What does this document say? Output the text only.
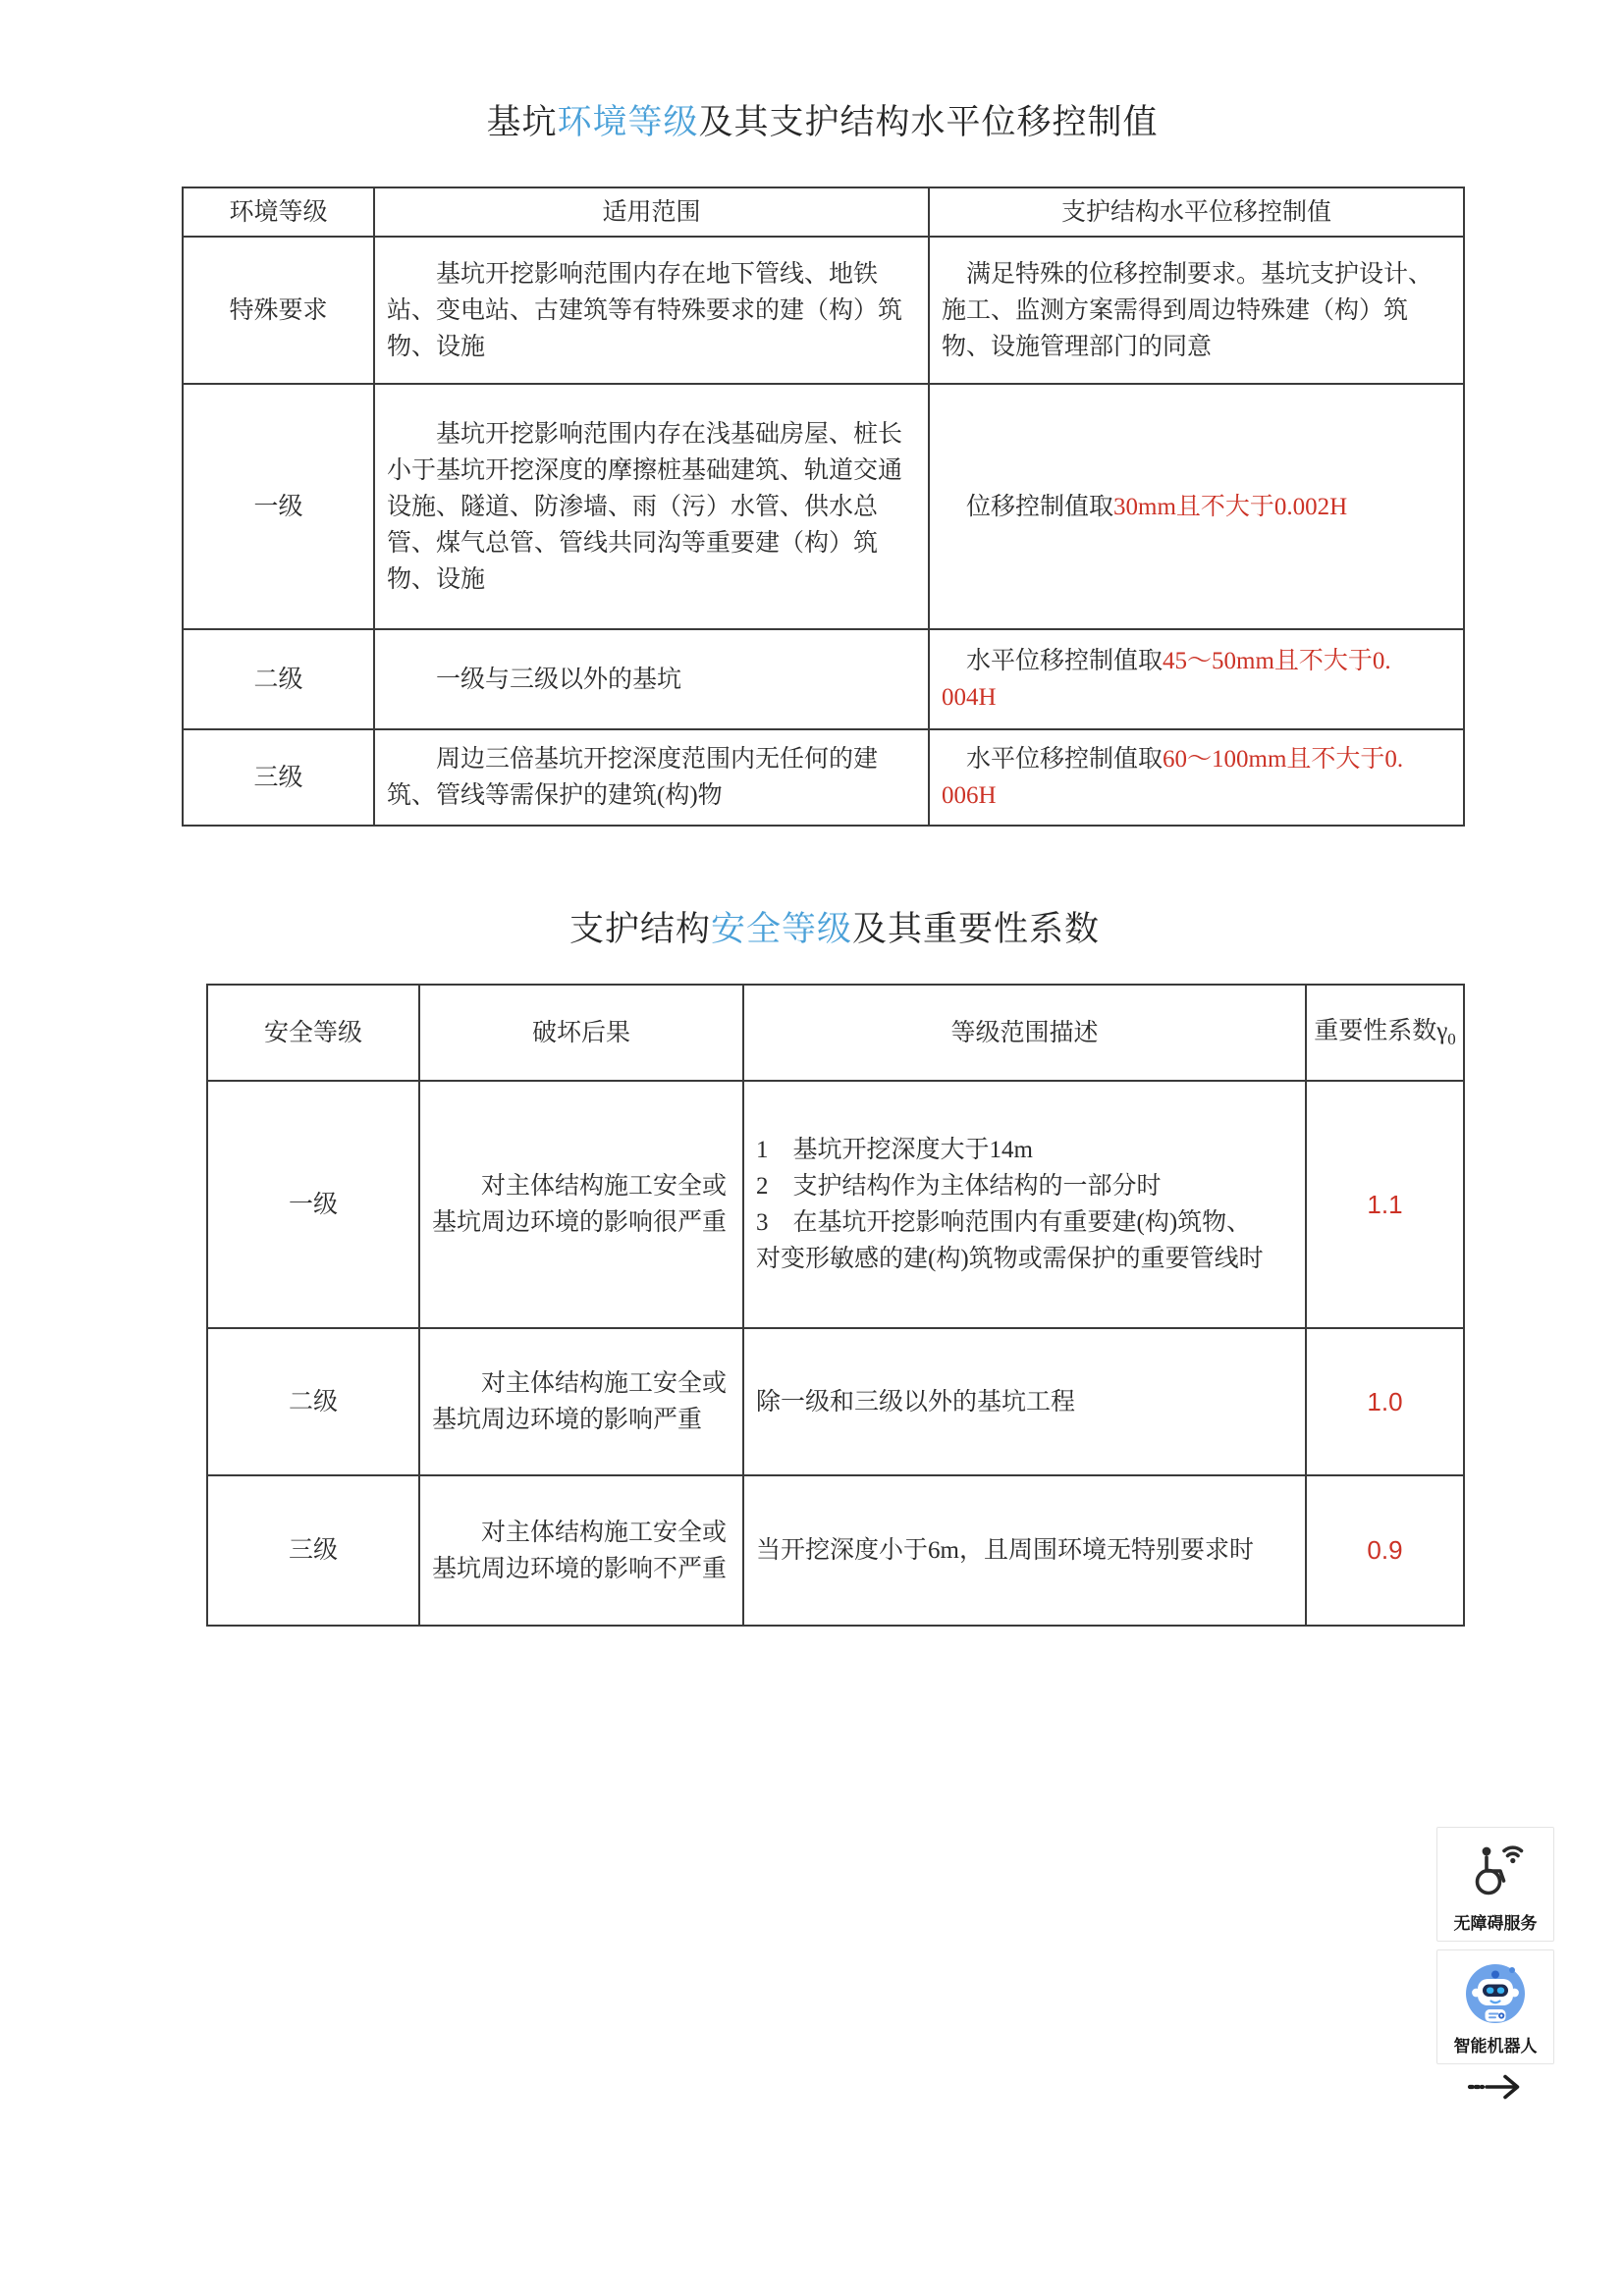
基坑环境等级及其支护结构水平位移控制值
环境等级	适用范围	支护结构水平位移控制值
特殊要求	基坑开挖影响范围内存在地下管线、地铁站、变电站、古建筑等有特殊要求的建（构）筑物、设施	满足特殊的位移控制要求。基坑支护设计、施工、监测方案需得到周边特殊建（构）筑物、设施管理部门的同意

一级	基坑开挖影响范围内存在浅基础房屋、桩长小于基坑开挖深度的摩擦桩基础建筑、轨道交通设施、隧道、防渗墙、雨（污）水管、供水总管、煤气总管、管线共同沟等重要建（构）筑物、设施	位移控制值取30mm且不大于0.002H

二级	一级与三级以外的基坑	水平位移控制值取45～50mm且不大于0. 004H

三级	周边三倍基坑开挖深度范围内无任何的建筑、管线等需保护的建筑(构)物	水平位移控制值取60～100mm且不大于0. 006H

支护结构安全等级及其重要性系数
安全等级	破坏后果	等级范围描述	重要性系数$\gamma_0$
一级	对主体结构施工安全或基坑周边环境的影响很严重	1　基坑开挖深度大于14m
2　支护结构作为主体结构的一部分时
3　在基坑开挖影响范围内有重要建(构)筑物、
对变形敏感的建(构)筑物或需保护的重要管线时	1.1
二级	对主体结构施工安全或基坑周边环境的影响严重	除一级和三级以外的基坑工程	1.0
三级	对主体结构施工安全或基坑周边环境的影响不严重	当开挖深度小于6m，且周围环境无特别要求时	0.9
无障碍服务
智能机器人
